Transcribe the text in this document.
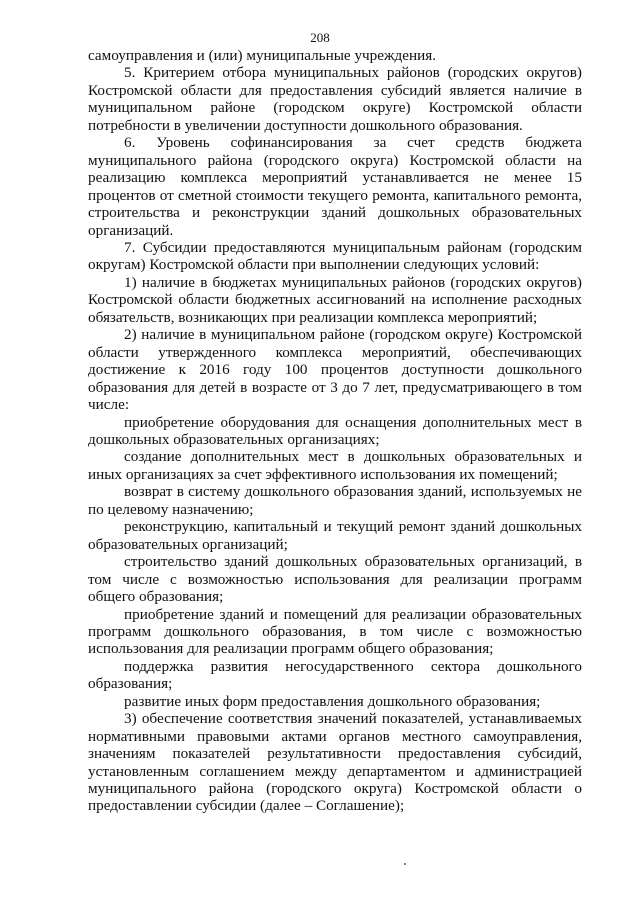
208

самоуправления и (или) муниципальные учреждения.

5. Критерием отбора муниципальных районов (городских округов) Костромской области для предоставления субсидий является наличие в муниципальном районе (городском округе) Костромской области потребности в увеличении доступности дошкольного образования.

6. Уровень софинансирования за счет средств бюджета муниципального района (городского округа) Костромской области на реализацию комплекса мероприятий устанавливается не менее 15 процентов от сметной стоимости текущего ремонта, капитального ремонта, строительства и реконструкции зданий дошкольных образовательных организаций.

7. Субсидии предоставляются муниципальным районам (городским округам) Костромской области при выполнении следующих условий:

1) наличие в бюджетах муниципальных районов (городских округов) Костромской области бюджетных ассигнований на исполнение расходных обязательств, возникающих при реализации комплекса мероприятий;

2) наличие в муниципальном районе (городском округе) Костромской области утвержденного комплекса мероприятий, обеспечивающих достижение к 2016 году 100 процентов доступности дошкольного образования для детей в возрасте от 3 до 7 лет, предусматривающего в том числе:

приобретение оборудования для оснащения дополнительных мест в дошкольных образовательных организациях;

создание дополнительных мест в дошкольных образовательных и иных организациях за счет эффективного использования их помещений;

возврат в систему дошкольного образования зданий, используемых не по целевому назначению;

реконструкцию, капитальный и текущий ремонт зданий дошкольных образовательных организаций;

строительство зданий дошкольных образовательных организаций, в том числе с возможностью использования для реализации программ общего образования;

приобретение зданий и помещений для реализации образовательных программ дошкольного образования, в том числе с возможностью использования для реализации программ общего образования;

поддержка развития негосударственного сектора дошкольного образования;

развитие иных форм предоставления дошкольного образования;

3) обеспечение соответствия значений показателей, устанавливаемых нормативными правовыми актами органов местного самоуправления, значениям показателей результативности предоставления субсидий, установленным соглашением между департаментом и администрацией муниципального района (городского округа) Костромской области о предоставлении субсидии (далее – Соглашение);
